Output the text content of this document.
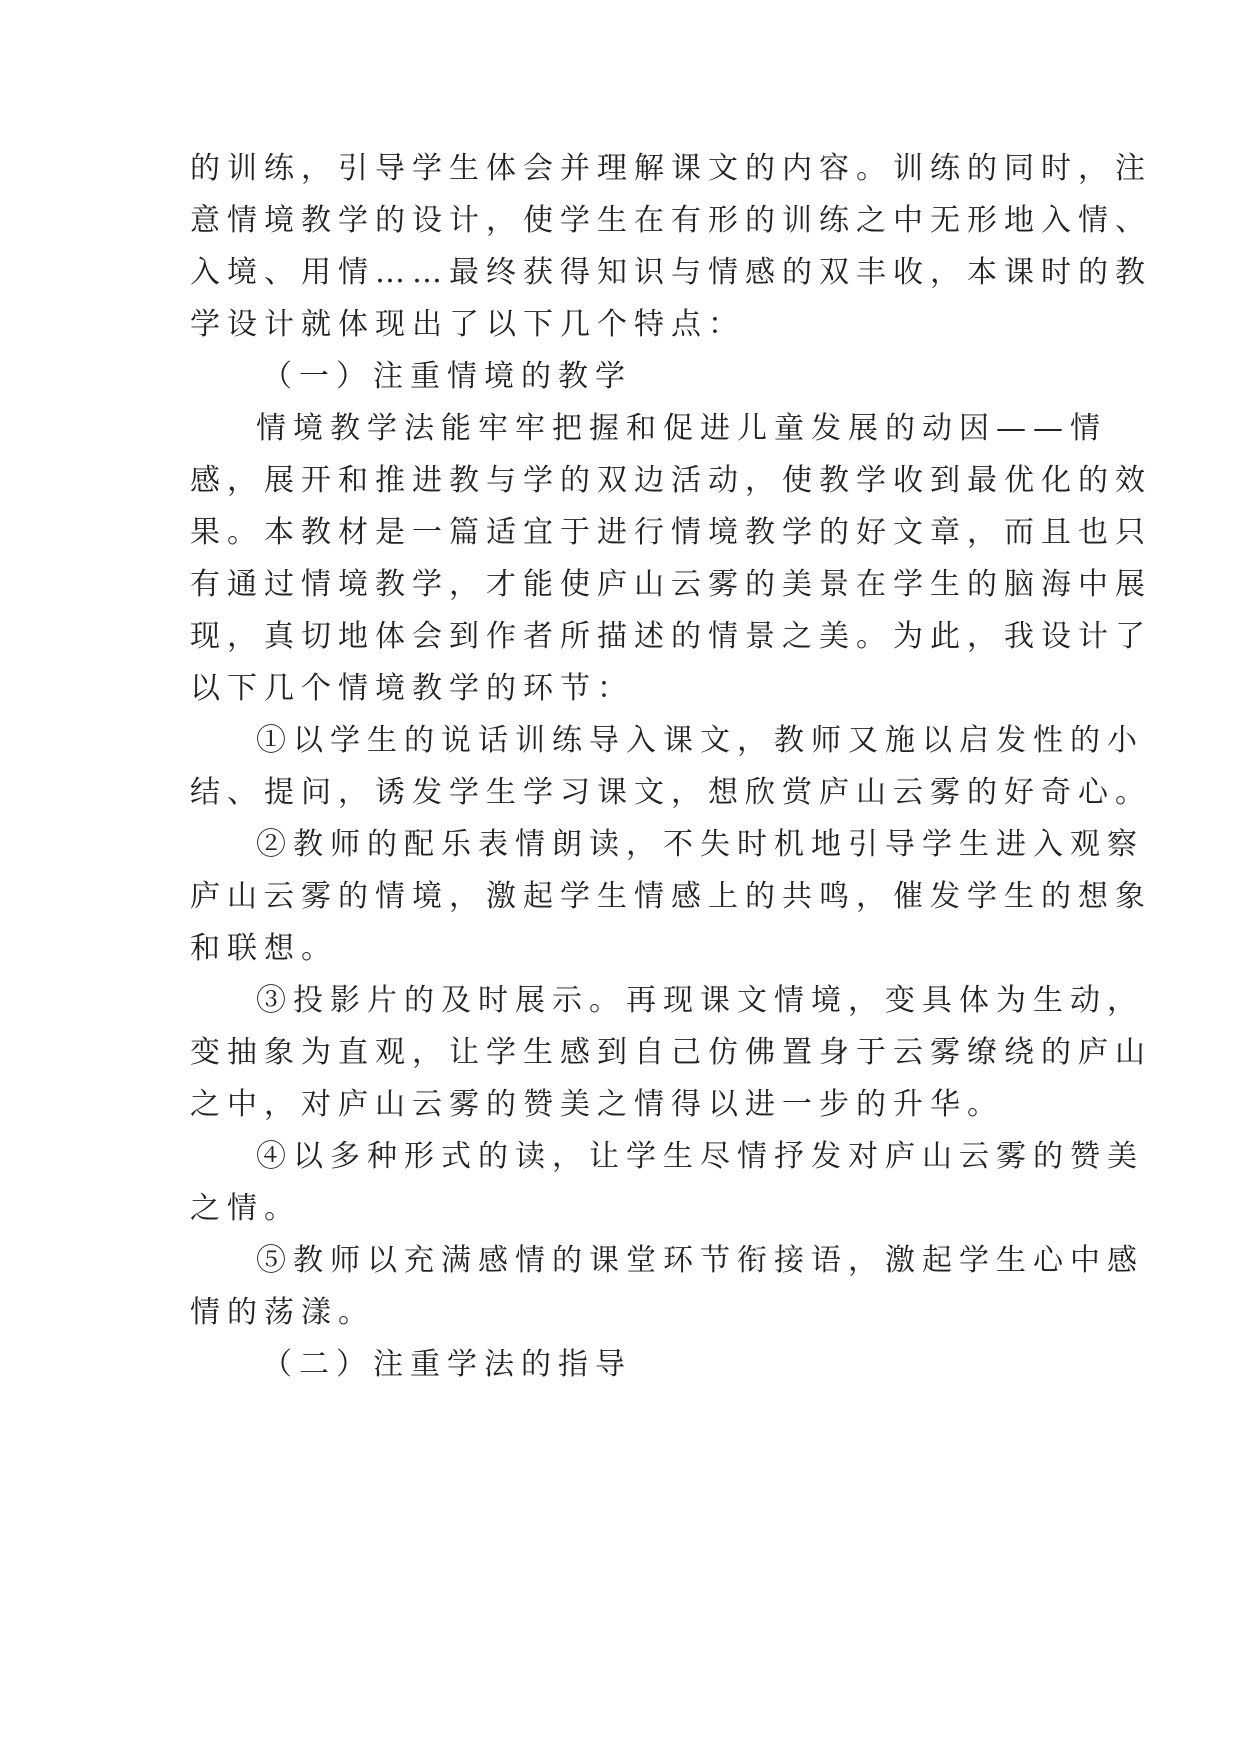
的训练，引导学生体会并理解课文的内容。训练的同时，注
意情境教学的设计，使学生在有形的训练之中无形地入情、
入境、用情……最终获得知识与情感的双丰收，本课时的教
学设计就体现出了以下几个特点：
（一）注重情境的教学
情境教学法能牢牢把握和促进儿童发展的动因——情
感，展开和推进教与学的双边活动，使教学收到最优化的效
果。本教材是一篇适宜于进行情境教学的好文章，而且也只
有通过情境教学，才能使庐山云雾的美景在学生的脑海中展
现，真切地体会到作者所描述的情景之美。为此，我设计了
以下几个情境教学的环节：
①以学生的说话训练导入课文，教师又施以启发性的小
结、提问，诱发学生学习课文，想欣赏庐山云雾的好奇心。
②教师的配乐表情朗读，不失时机地引导学生进入观察
庐山云雾的情境，激起学生情感上的共鸣，催发学生的想象
和联想。
③投影片的及时展示。再现课文情境，变具体为生动，
变抽象为直观，让学生感到自己仿佛置身于云雾缭绕的庐山
之中，对庐山云雾的赞美之情得以进一步的升华。
④以多种形式的读，让学生尽情抒发对庐山云雾的赞美
之情。
⑤教师以充满感情的课堂环节衔接语，激起学生心中感
情的荡漾。
（二）注重学法的指导
